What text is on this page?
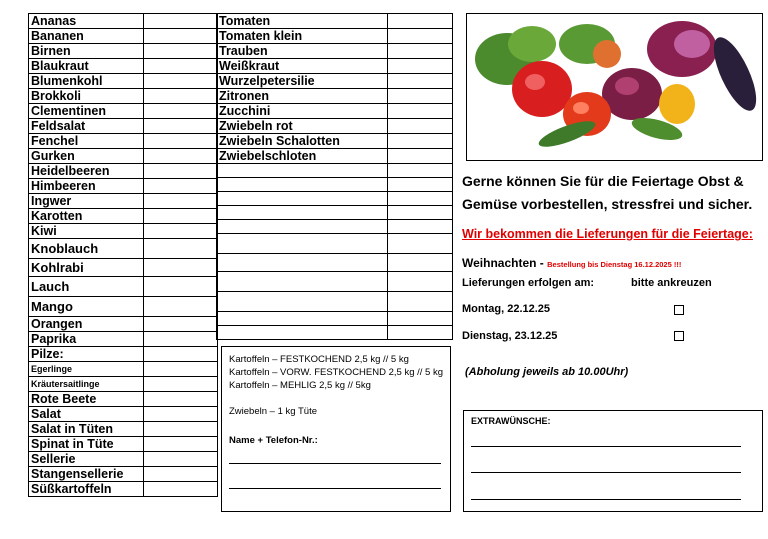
Ananas	
Bananen	
Birnen	
Blaukraut	
Blumenkohl	
Brokkoli	
Clementinen	
Feldsalat	
Fenchel	
Gurken	
Heidelbeeren	
Himbeeren	
Ingwer	
Karotten	
Kiwi	
Knoblauch	
Kohlrabi	
Lauch	
Mango	
Orangen	
Paprika	
Pilze:	
Egerlinge	
Kräutersaitlinge	
Rote Beete	
Salat	
Salat in Tüten	
Spinat in Tüte	
Sellerie	
Stangensellerie	
Süßkartoffeln	
Tomaten	
Tomaten klein	
Trauben	
Weißkraut	
Wurzelpetersilie	
Zitronen	
Zucchini	
Zwiebeln rot	
Zwiebeln Schalotten	
Zwiebelschloten	

Gerne können Sie für die Feiertage Obst &
Gemüse vorbestellen, stressfrei und sicher.
Wir bekommen die Lieferungen für die Feiertage:
Weihnachten - Bestellung bis Dienstag 16.12.2025 !!!
Lieferungen erfolgen am:	bitte ankreuzen
Montag, 22.12.25
Dienstag, 23.12.25
(Abholung jeweils ab 10.00Uhr)
Kartoffeln – FESTKOCHEND 2,5 kg // 5 kg
Kartoffeln – VORW. FESTKOCHEND 2,5 kg // 5 kg
Kartoffeln – MEHLIG 2,5 kg // 5kg
Zwiebeln – 1 kg Tüte
Name + Telefon-Nr.:
EXTRAWÜNSCHE:
